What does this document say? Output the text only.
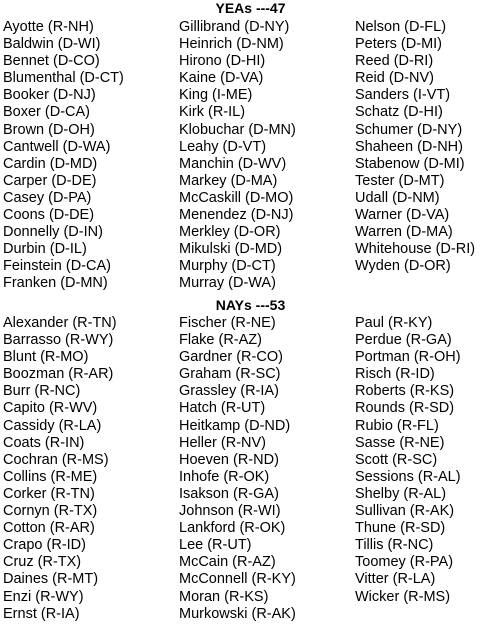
YEAs ---47
Ayotte (R-NH)
Baldwin (D-WI)
Bennet (D-CO)
Blumenthal (D-CT)
Booker (D-NJ)
Boxer (D-CA)
Brown (D-OH)
Cantwell (D-WA)
Cardin (D-MD)
Carper (D-DE)
Casey (D-PA)
Coons (D-DE)
Donnelly (D-IN)
Durbin (D-IL)
Feinstein (D-CA)
Franken (D-MN)
Gillibrand (D-NY)
Heinrich (D-NM)
Hirono (D-HI)
Kaine (D-VA)
King (I-ME)
Kirk (R-IL)
Klobuchar (D-MN)
Leahy (D-VT)
Manchin (D-WV)
Markey (D-MA)
McCaskill (D-MO)
Menendez (D-NJ)
Merkley (D-OR)
Mikulski (D-MD)
Murphy (D-CT)
Murray (D-WA)
Nelson (D-FL)
Peters (D-MI)
Reed (D-RI)
Reid (D-NV)
Sanders (I-VT)
Schatz (D-HI)
Schumer (D-NY)
Shaheen (D-NH)
Stabenow (D-MI)
Tester (D-MT)
Udall (D-NM)
Warner (D-VA)
Warren (D-MA)
Whitehouse (D-RI)
Wyden (D-OR)
NAYs ---53
Alexander (R-TN)
Barrasso (R-WY)
Blunt (R-MO)
Boozman (R-AR)
Burr (R-NC)
Capito (R-WV)
Cassidy (R-LA)
Coats (R-IN)
Cochran (R-MS)
Collins (R-ME)
Corker (R-TN)
Cornyn (R-TX)
Cotton (R-AR)
Crapo (R-ID)
Cruz (R-TX)
Daines (R-MT)
Enzi (R-WY)
Ernst (R-IA)
Fischer (R-NE)
Flake (R-AZ)
Gardner (R-CO)
Graham (R-SC)
Grassley (R-IA)
Hatch (R-UT)
Heitkamp (D-ND)
Heller (R-NV)
Hoeven (R-ND)
Inhofe (R-OK)
Isakson (R-GA)
Johnson (R-WI)
Lankford (R-OK)
Lee (R-UT)
McCain (R-AZ)
McConnell (R-KY)
Moran (R-KS)
Murkowski (R-AK)
Paul (R-KY)
Perdue (R-GA)
Portman (R-OH)
Risch (R-ID)
Roberts (R-KS)
Rounds (R-SD)
Rubio (R-FL)
Sasse (R-NE)
Scott (R-SC)
Sessions (R-AL)
Shelby (R-AL)
Sullivan (R-AK)
Thune (R-SD)
Tillis (R-NC)
Toomey (R-PA)
Vitter (R-LA)
Wicker (R-MS)
